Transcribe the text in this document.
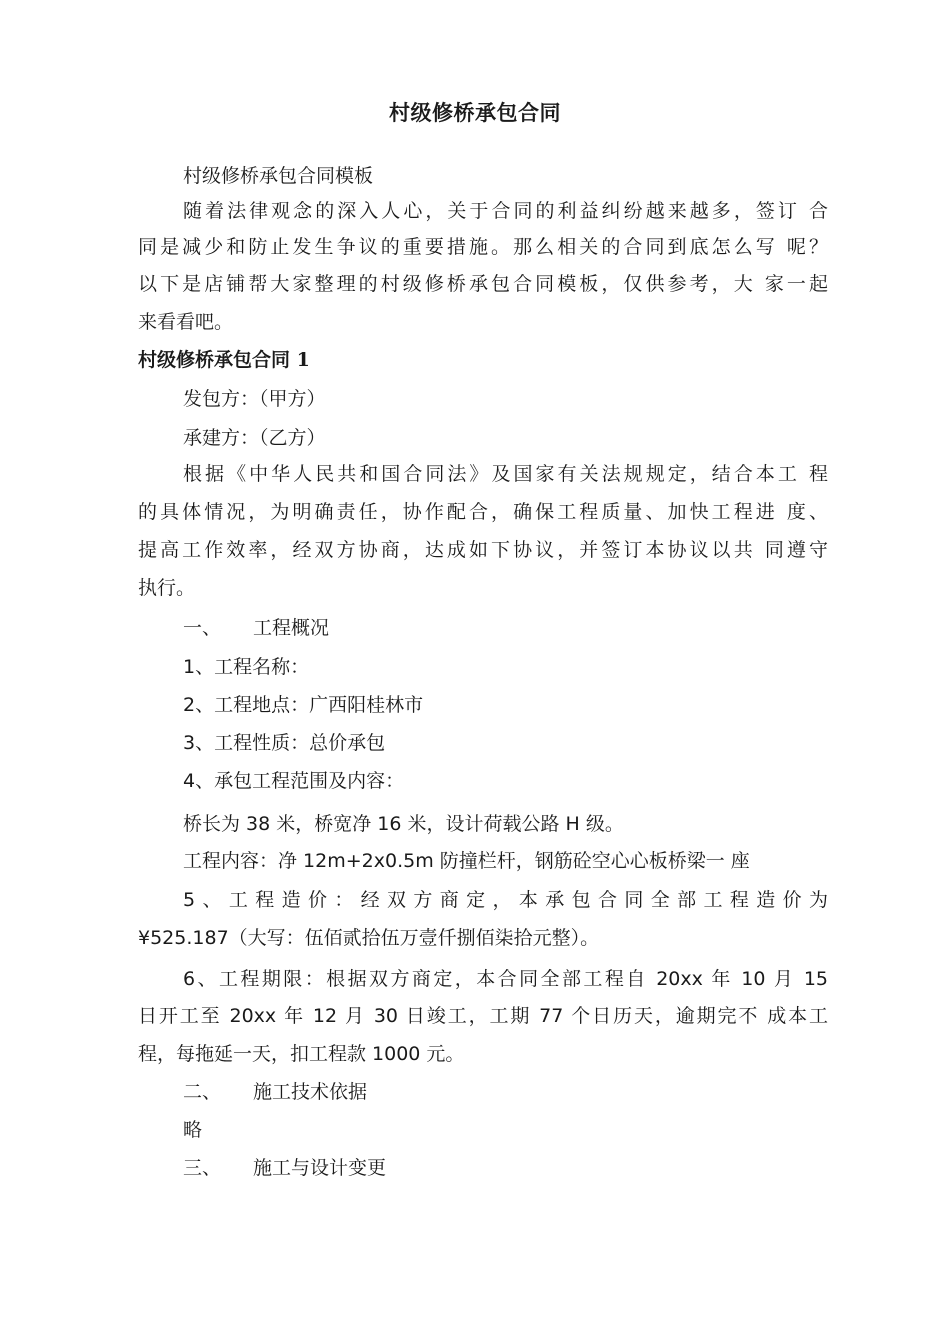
村级修桥承包合同
村级修桥承包合同模板
随着法律观念的深入人心，关于合同的利益纠纷越来越多，签订 合
同是减少和防止发生争议的重要措施。那么相关的合同到底怎么写 呢？
以下是店铺帮大家整理的村级修桥承包合同模板，仅供参考，大 家一起
来看看吧。
村级修桥承包合同 1
发包方：（甲方）
承建方：（乙方）
根据《中华人民共和国合同法》及国家有关法规规定，结合本工 程
的具体情况，为明确责任，协作配合，确保工程质量、加快工程进 度、
提高工作效率，经双方协商，达成如下协议，并签订本协议以共 同遵守
执行。
一、 工程概况
1、工程名称：
2、工程地点：广西阳桂林市
3、工程性质：总价承包
4、承包工程范围及内容：
桥长为 38 米，桥宽净 16 米，设计荷载公路 H 级。
工程内容：净 12m+2x0.5m 防撞栏杆，钢筋砼空心心板桥梁一 座
5、工程造价：经双方商定，本承包合同全部工程造价为
¥525.187（大写：伍佰贰拾伍万壹仟捌佰柒拾元整）。
6、工程期限：根据双方商定，本合同全部工程自 20xx 年 10 月 15
日开工至 20xx 年 12 月 30 日竣工，工期 77 个日历天，逾期完不 成本工
程，每拖延一天，扣工程款 1000 元。
二、 施工技术依据
略
三、 施工与设计变更
